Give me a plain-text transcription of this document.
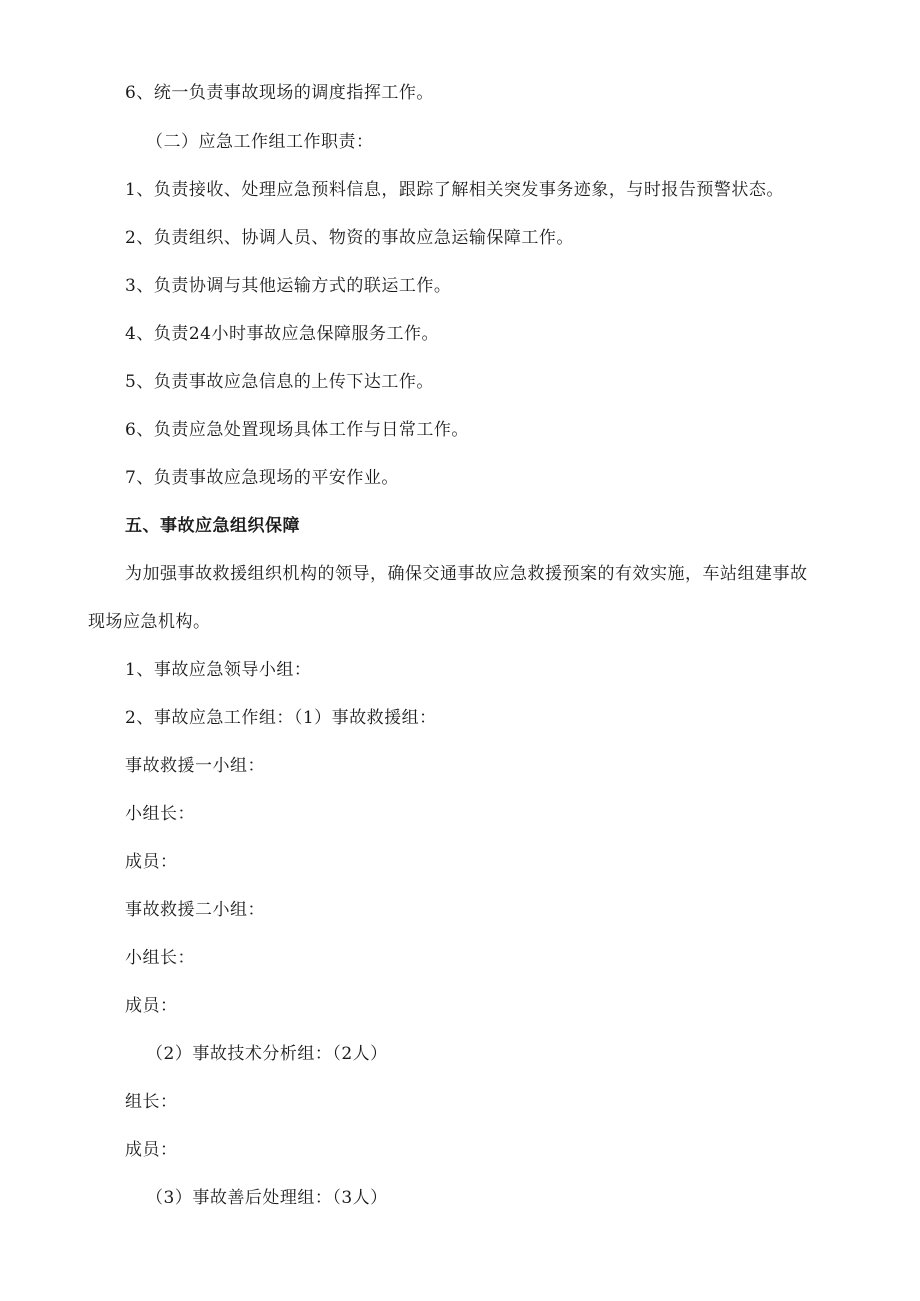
6、统一负责事故现场的调度指挥工作。
（二）应急工作组工作职责：
1、负责接收、处理应急预料信息，跟踪了解相关突发事务迹象，与时报告预警状态。
2、负责组织、协调人员、物资的事故应急运输保障工作。
3、负责协调与其他运输方式的联运工作。
4、负责24小时事故应急保障服务工作。
5、负责事故应急信息的上传下达工作。
6、负责应急处置现场具体工作与日常工作。
7、负责事故应急现场的平安作业。
五、事故应急组织保障
为加强事故救援组织机构的领导，确保交通事故应急救援预案的有效实施，车站组建事故
现场应急机构。
1、事故应急领导小组：
2、事故应急工作组：（1）事故救援组：
事故救援一小组：
小组长：
成员：
事故救援二小组：
小组长：
成员：
（2）事故技术分析组：（2人）
组长：
成员：
（3）事故善后处理组：（3人）
